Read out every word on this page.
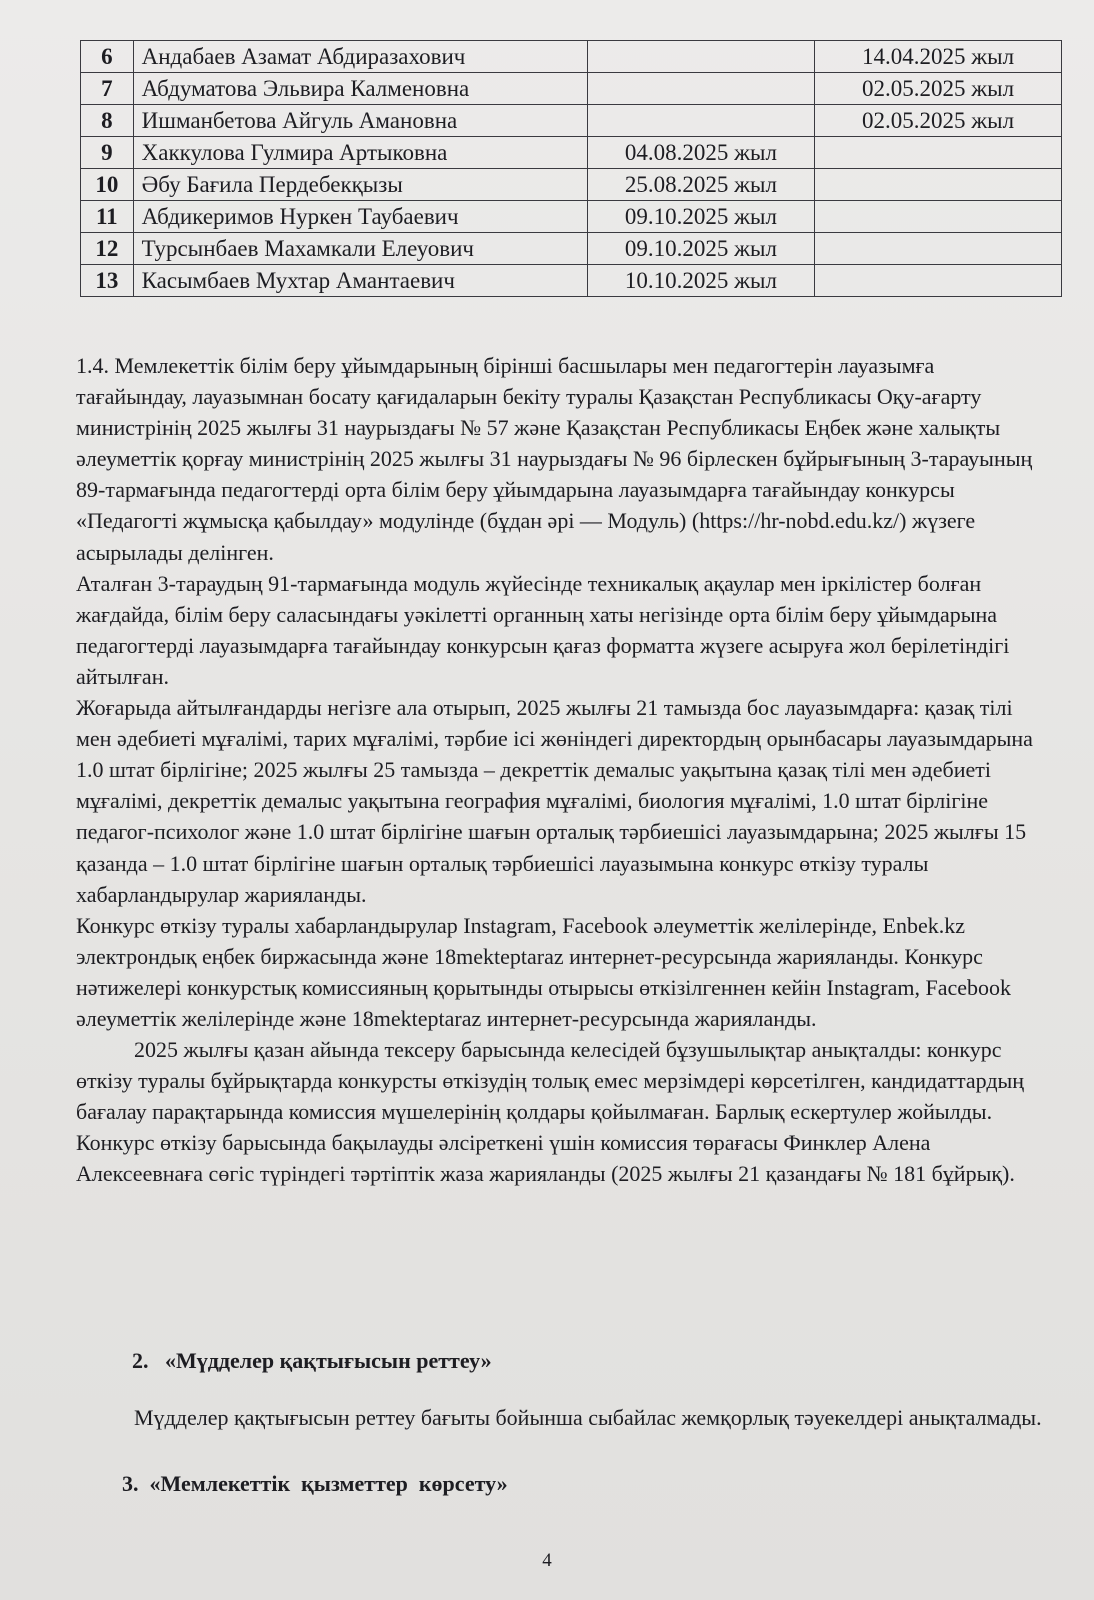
6	Андабаев Азамат Абдиразахович		14.04.2025 жыл
7	Абдуматова Эльвира Калменовна		02.05.2025 жыл
8	Ишманбетова Айгуль Амановна		02.05.2025 жыл
9	Хаккулова Гулмира Артыковна	04.08.2025 жыл	
10	Әбу Бағила Пердебекқызы	25.08.2025 жыл	
11	Абдикеримов Нуркен Таубаевич	09.10.2025 жыл	
12	Турсынбаев Махамкали Елеуович	09.10.2025 жыл	
13	Касымбаев Мухтар Амантаевич	10.10.2025 жыл	

1.4. Мемлекеттік білім беру ұйымдарының бірінші басшылары мен педагогтерін лауазымға тағайындау, лауазымнан босату қағидаларын бекіту туралы Қазақстан Республикасы Оқу-ағарту министрінің 2025 жылғы 31 наурыздағы № 57 және Қазақстан Республикасы Еңбек және халықты әлеуметтік қорғау министрінің 2025 жылғы 31 наурыздағы № 96 бірлескен бұйрығының 3-тарауының 89-тармағында педагогтерді орта білім беру ұйымдарына лауазымдарға тағайындау конкурсы «Педагогті жұмысқа қабылдау» модулінде (бұдан әрі — Модуль) (https://hr-nobd.edu.kz/) жүзеге асырылады делінген.

Аталған 3-тараудың 91-тармағында модуль жүйесінде техникалық ақаулар мен іркілістер болған жағдайда, білім беру саласындағы уәкілетті органның хаты негізінде орта білім беру ұйымдарына педагогтерді лауазымдарға тағайындау конкурсын қағаз форматта жүзеге асыруға жол берілетіндігі айтылған.

Жоғарыда айтылғандарды негізге ала отырып, 2025 жылғы 21 тамызда бос лауазымдарға: қазақ тілі мен әдебиеті мұғалімі, тарих мұғалімі, тәрбие ісі жөніндегі директордың орынбасары лауазымдарына 1.0 штат бірлігіне; 2025 жылғы 25 тамызда – декреттік демалыс уақытына қазақ тілі мен әдебиеті мұғалімі, декреттік демалыс уақытына география мұғалімі, биология мұғалімі, 1.0 штат бірлігіне педагог-психолог және 1.0 штат бірлігіне шағын орталық тәрбиешісі лауазымдарына; 2025 жылғы 15 қазанда – 1.0 штат бірлігіне шағын орталық тәрбиешісі лауазымына конкурс өткізу туралы хабарландырулар жарияланды.

Конкурс өткізу туралы хабарландырулар Instagram, Facebook әлеуметтік желілерінде, Enbek.kz электрондық еңбек биржасында және 18mekteptaraz интернет-ресурсында жарияланды. Конкурс нәтижелері конкурстық комиссияның қорытынды отырысы өткізілгеннен кейін Instagram, Facebook әлеуметтік желілерінде және 18mekteptaraz интернет-ресурсында жарияланды.

2025 жылғы қазан айында тексеру барысында келесідей бұзушылықтар анықталды: конкурс өткізу туралы бұйрықтарда конкурсты өткізудің толық емес мерзімдері көрсетілген, кандидаттардың бағалау парақтарында комиссия мүшелерінің қолдары қойылмаған. Барлық ескертулер жойылды. Конкурс өткізу барысында бақылауды әлсіреткені үшін комиссия төрағасы Финклер Алена Алексеевнаға сөгіс түріндегі тәртіптік жаза жарияланды (2025 жылғы 21 қазандағы № 181 бұйрық).

2.   «Мүдделер қақтығысын реттеу»

Мүдделер қақтығысын реттеу бағыты бойынша сыбайлас жемқорлық тәуекелдері анықталмады.

3.  «Мемлекеттік  қызметтер  көрсету»
4
